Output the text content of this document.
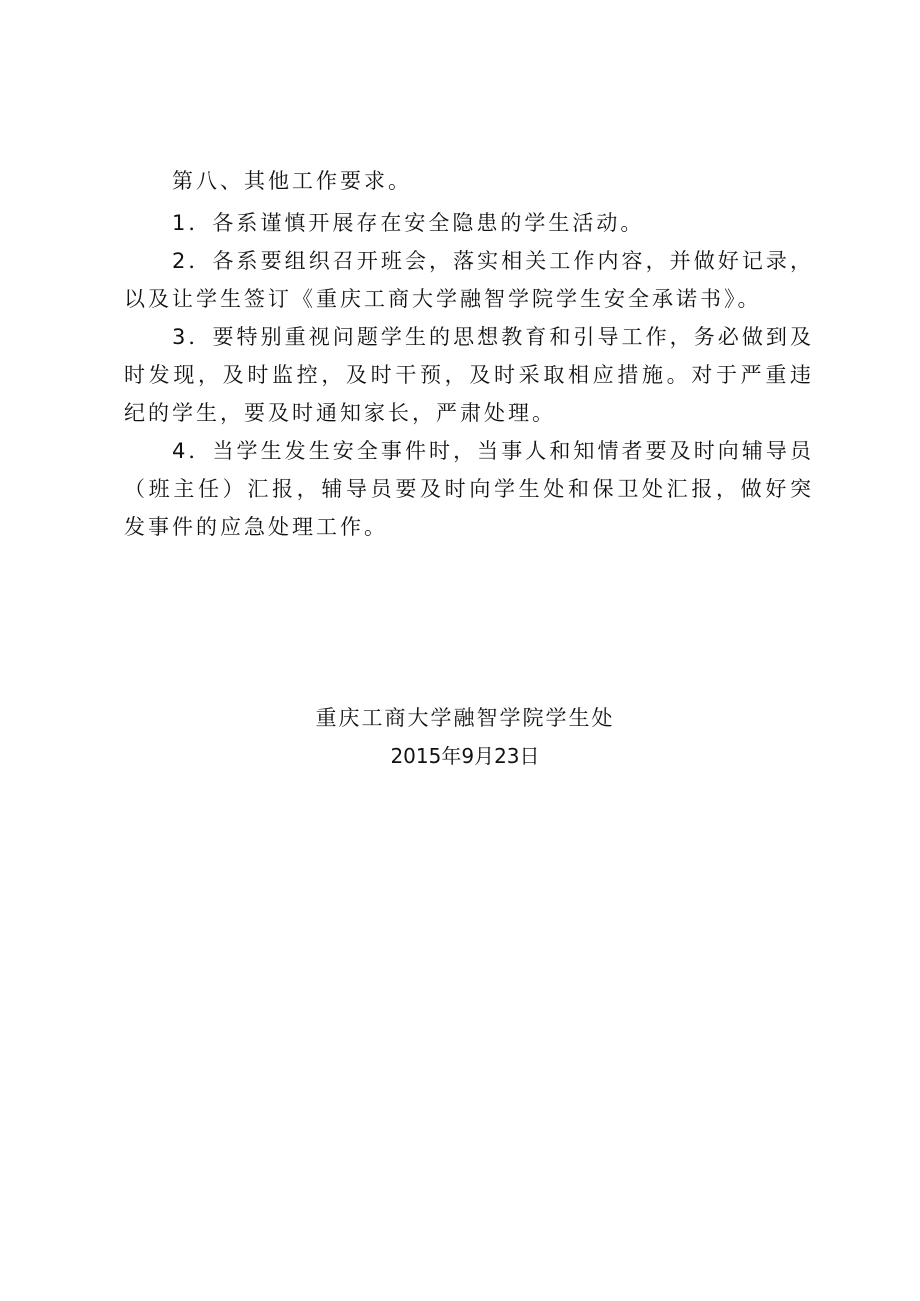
第八、其他工作要求。

1．各系谨慎开展存在安全隐患的学生活动。

2．各系要组织召开班会，落实相关工作内容，并做好记录，以及让学生签订《重庆工商大学融智学院学生安全承诺书》。

3．要特别重视问题学生的思想教育和引导工作，务必做到及时发现，及时监控，及时干预，及时采取相应措施。对于严重违纪的学生，要及时通知家长，严肃处理。

4．当学生发生安全事件时，当事人和知情者要及时向辅导员（班主任）汇报，辅导员要及时向学生处和保卫处汇报，做好突发事件的应急处理工作。

重庆工商大学融智学院学生处
2015年9月23日
